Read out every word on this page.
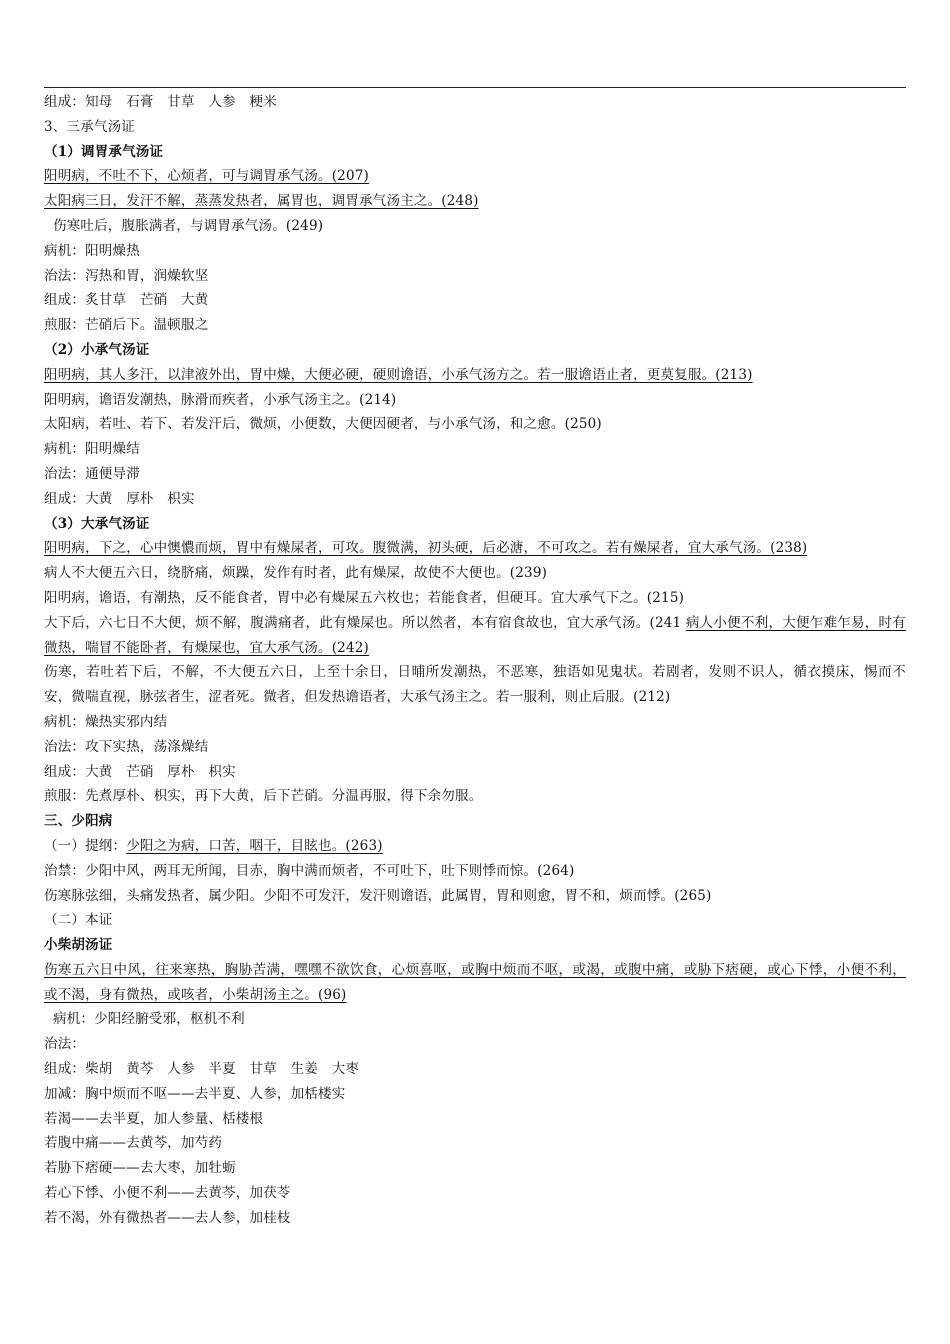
组成：知母　石膏　甘草　人参　粳米
3、三承气汤证
（1）调胃承气汤证
阳明病，不吐不下，心烦者，可与调胃承气汤。(207)
太阳病三日，发汗不解，蒸蒸发热者，属胃也，调胃承气汤主之。(248)
伤寒吐后，腹胀满者，与调胃承气汤。(249)
病机：阳明燥热
治法：泻热和胃，润燥软坚
组成：炙甘草　芒硝　大黄
煎服：芒硝后下。温顿服之
（2）小承气汤证
阳明病，其人多汗，以津液外出，胃中燥，大便必硬，硬则谵语，小承气汤方之。若一服谵语止者，更莫复服。(213)
阳明病，谵语发潮热，脉滑而疾者，小承气汤主之。(214)
太阳病，若吐、若下、若发汗后，微烦，小便数，大便因硬者，与小承气汤，和之愈。(250)
病机：阳明燥结
治法：通便导滞
组成：大黄　厚朴　枳实
（3）大承气汤证
阳明病，下之，心中懊憹而烦，胃中有燥屎者，可攻。腹微满，初头硬，后必溏，不可攻之。若有燥屎者，宜大承气汤。(238)
病人不大便五六日，绕脐痛，烦躁，发作有时者，此有燥屎，故使不大便也。(239)
阳明病，谵语，有潮热，反不能食者，胃中必有燥屎五六枚也；若能食者，但硬耳。宜大承气下之。(215)
大下后，六七日不大便，烦不解，腹满痛者，此有燥屎也。所以然者，本有宿食故也，宜大承气汤。(241 病人小便不利，大便乍难乍易，时有微热，喘冒不能卧者，有燥屎也，宜大承气汤。(242)
伤寒，若吐若下后，不解，不大便五六日，上至十余日，日晡所发潮热，不恶寒，独语如见鬼状。若剧者，发则不识人，循衣摸床，惕而不安，微喘直视，脉弦者生，涩者死。微者，但发热谵语者，大承气汤主之。若一服利，则止后服。(212)
病机：燥热实邪内结
治法：攻下实热，荡涤燥结
组成：大黄　芒硝　厚朴　枳实
煎服：先煮厚朴、枳实，再下大黄，后下芒硝。分温再服，得下余勿服。
三、少阳病
（一）提纲：少阳之为病，口苦，咽干，目眩也。(263)
治禁：少阳中风，两耳无所闻，目赤，胸中满而烦者，不可吐下，吐下则悸而惊。(264)
伤寒脉弦细，头痛发热者，属少阳。少阳不可发汗，发汗则谵语，此属胃，胃和则愈，胃不和，烦而悸。(265)
（二）本证
小柴胡汤证
伤寒五六日中风，往来寒热，胸胁苦满，嘿嘿不欲饮食，心烦喜呕，或胸中烦而不呕，或渴，或腹中痛，或胁下痞硬，或心下悸，小便不利，或不渴，身有微热，或咳者，小柴胡汤主之。(96)
病机：少阳经腑受邪，枢机不利
治法：
组成：柴胡　黄芩　人参　半夏　甘草　生姜　大枣
加减：胸中烦而不呕——去半夏、人参，加栝楼实
若渴——去半夏，加人参量、栝楼根
若腹中痛——去黄芩，加芍药
若胁下痞硬——去大枣，加牡蛎
若心下悸、小便不利——去黄芩，加茯苓
若不渴，外有微热者——去人参，加桂枝
